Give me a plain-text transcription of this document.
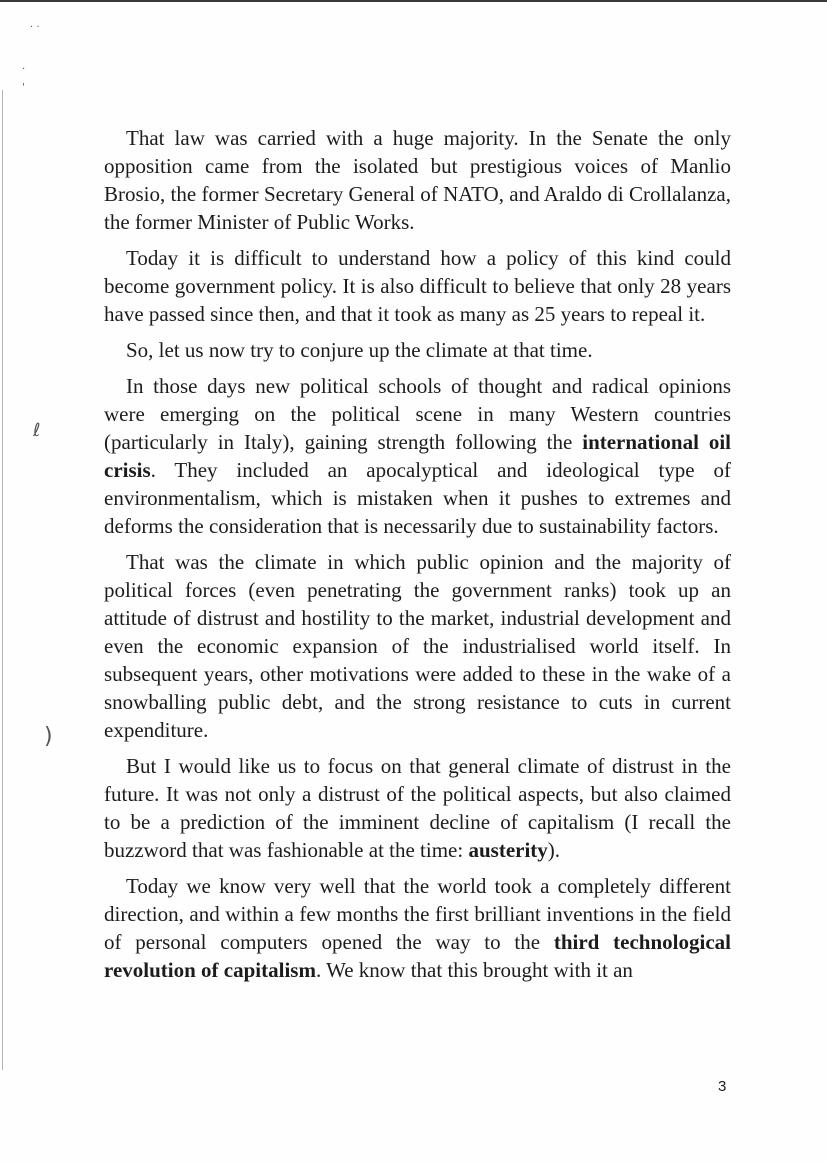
· ·
·
'
ℓ
)

That law was carried with a huge majority. In the Senate the only opposition came from the isolated but prestigious voices of Manlio Brosio, the former Secretary General of NATO, and Araldo di Crollalanza, the former Minister of Public Works.

Today it is difficult to understand how a policy of this kind could become government policy. It is also difficult to believe that only 28 years have passed since then, and that it took as many as 25 years to repeal it.

So, let us now try to conjure up the climate at that time.

In those days new political schools of thought and radical opinions were emerging on the political scene in many Western countries (particularly in Italy), gaining strength following the international oil crisis. They included an apocalyptical and ideological type of environmentalism, which is mistaken when it pushes to extremes and deforms the consideration that is necessarily due to sustainability factors.

That was the climate in which public opinion and the majority of political forces (even penetrating the government ranks) took up an attitude of distrust and hostility to the market, industrial development and even the economic expansion of the industrialised world itself. In subsequent years, other motivations were added to these in the wake of a snowballing public debt, and the strong resistance to cuts in current expenditure.

But I would like us to focus on that general climate of distrust in the future. It was not only a distrust of the political aspects, but also claimed to be a prediction of the imminent decline of capitalism (I recall the buzzword that was fashionable at the time: austerity).

Today we know very well that the world took a completely different direction, and within a few months the first brilliant inventions in the field of personal computers opened the way to the third technological revolution of capitalism. We know that this brought with it an

3
